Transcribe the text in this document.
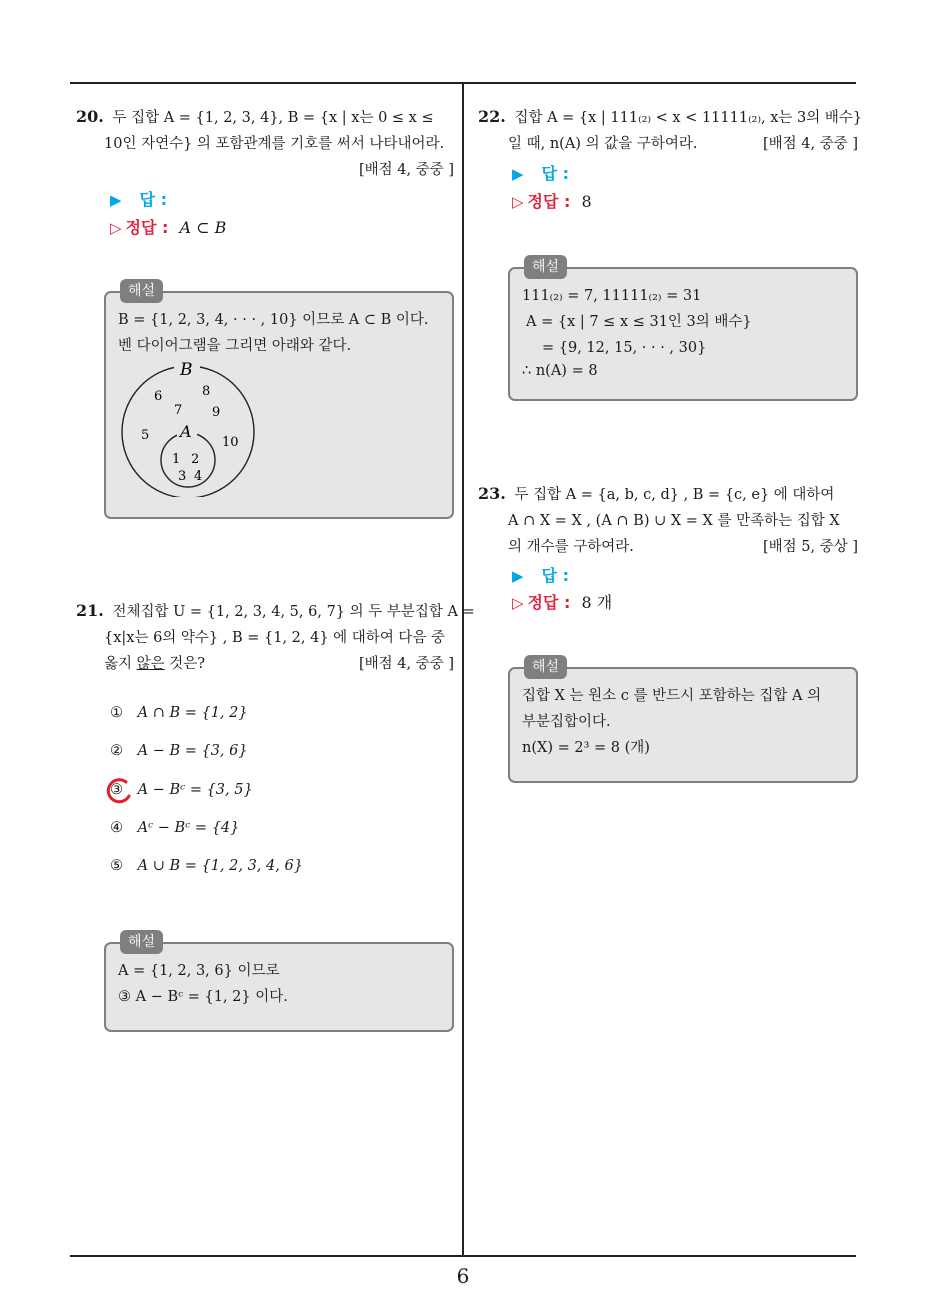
20. 두 집합 A = {1, 2, 3, 4}, B = {x | x는 0 ≤ x ≤
10인 자연수} 의 포함관계를 기호를 써서 나타내어라.
[배점 4, 중중 ]
▶ 답 :
▷ 정답 : A ⊂ B
해설
B = {1, 2, 3, 4, · · · , 10} 이므로 A ⊂ B 이다.
벤 다이어그램을 그리면 아래와 같다.
B
A
6	8
7 9
5	10
1 2
3 4
21. 전체집합 U = {1, 2, 3, 4, 5, 6, 7} 의 두 부분집합 A =
{x|x는 6의 약수} , B = {1, 2, 4} 에 대하여 다음 중
옳지 않은 것은?	[배점 4, 중중 ]
① A ∩ B = {1, 2}
② A − B = {3, 6}
③ A − Bᶜ = {3, 5}
④ Aᶜ − Bᶜ = {4}
⑤ A ∪ B = {1, 2, 3, 4, 6}
해설
A = {1, 2, 3, 6} 이므로
③ A − Bᶜ = {1, 2} 이다.
22. 집합 A = {x | 111₍₂₎ < x < 11111₍₂₎, x는 3의 배수}
일 때, n(A) 의 값을 구하여라.	[배점 4, 중중 ]
▶ 답 :
▷ 정답 : 8
해설
111₍₂₎ = 7, 11111₍₂₎ = 31
A = {x | 7 ≤ x ≤ 31인 3의 배수}
= {9, 12, 15, · · · , 30}
∴ n(A) = 8
23. 두 집합 A = {a, b, c, d} , B = {c, e} 에 대하여
A ∩ X = X , (A ∩ B) ∪ X = X 를 만족하는 집합 X
의 개수를 구하여라.	[배점 5, 중상 ]
▶ 답 :
▷ 정답 : 8 개
해설
집합 X 는 원소 c 를 반드시 포함하는 집합 A 의
부분집합이다.
n(X) = 2³ = 8 (개)
6
